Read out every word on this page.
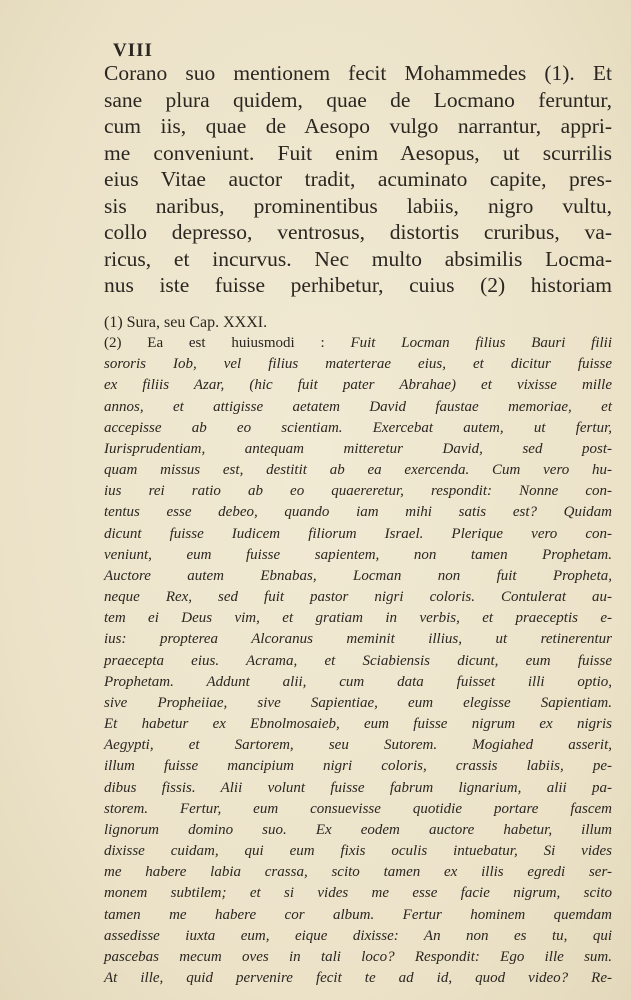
VIII
Corano suo mentionem fecit Mohammedes (1). Et
sane plura quidem, quae de Locmano feruntur,
cum iis, quae de Aesopo vulgo narrantur, appri-
me conveniunt. Fuit enim Aesopus, ut scurrilis
eius Vitae auctor tradit, acuminato capite, pres-
sis naribus, prominentibus labiis, nigro vultu,
collo depresso, ventrosus, distortis cruribus, va-
ricus, et incurvus. Nec multo absimilis Locma-
nus iste fuisse perhibetur, cuius (2) historiam
(1) Sura, seu Cap. XXXI.
(2) Ea est huiusmodi : Fuit Locman filius Bauri filii
sororis Iob, vel filius materterae eius, et dicitur fuisse
ex filiis Azar, (hic fuit pater Abrahae) et vixisse mille
annos, et attigisse aetatem David faustae memoriae, et
accepisse ab eo scientiam. Exercebat autem, ut fertur,
Iurisprudentiam, antequam mitteretur David, sed post-
quam missus est, destitit ab ea exercenda. Cum vero hu-
ius rei ratio ab eo quaereretur, respondit: Nonne con-
tentus esse debeo, quando iam mihi satis est? Quidam
dicunt fuisse Iudicem filiorum Israel. Plerique vero con-
veniunt, eum fuisse sapientem, non tamen Prophetam.
Auctore autem Ebnabas, Locman non fuit Propheta,
neque Rex, sed fuit pastor nigri coloris. Contulerat au-
tem ei Deus vim, et gratiam in verbis, et praeceptis e-
ius: propterea Alcoranus meminit illius, ut retinerentur
praecepta eius. Acrama, et Sciabiensis dicunt, eum fuisse
Prophetam. Addunt alii, cum data fuisset illi optio,
sive Propheiiae, sive Sapientiae, eum elegisse Sapientiam.
Et habetur ex Ebnolmosaieb, eum fuisse nigrum ex nigris
Aegypti, et Sartorem, seu Sutorem. Mogiahed asserit,
illum fuisse mancipium nigri coloris, crassis labiis, pe-
dibus fissis. Alii volunt fuisse fabrum lignarium, alii pa-
storem. Fertur, eum consuevisse quotidie portare fascem
lignorum domino suo. Ex eodem auctore habetur, illum
dixisse cuidam, qui eum fixis oculis intuebatur, Si vides
me habere labia crassa, scito tamen ex illis egredi ser-
monem subtilem; et si vides me esse facie nigrum, scito
tamen me habere cor album. Fertur hominem quemdam
assedisse iuxta eum, eique dixisse: An non es tu, qui
pascebas mecum oves in tali loco? Respondit: Ego ille sum.
At ille, quid pervenire fecit te ad id, quod video? Re-
